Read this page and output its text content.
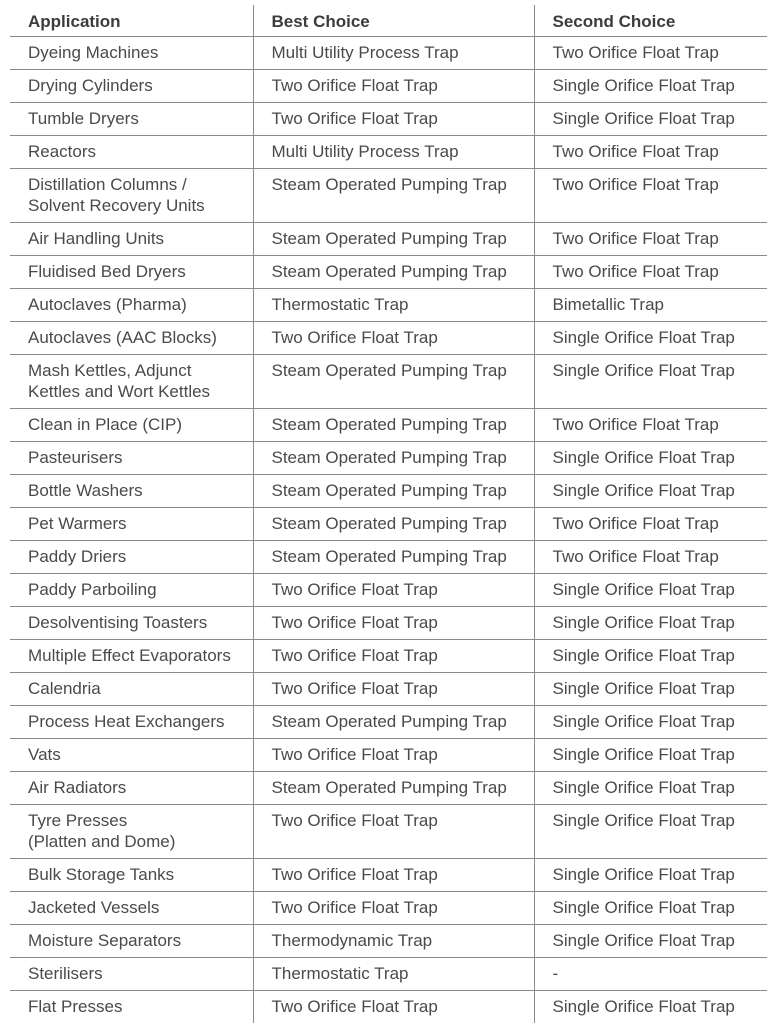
Application	Best Choice	Second Choice
Dyeing Machines	Multi Utility Process Trap	Two Orifice Float Trap
Drying Cylinders	Two Orifice Float Trap	Single Orifice Float Trap
Tumble Dryers	Two Orifice Float Trap	Single Orifice Float Trap
Reactors	Multi Utility Process Trap	Two Orifice Float Trap
Distillation Columns /
Solvent Recovery Units	Steam Operated Pumping Trap	Two Orifice Float Trap
Air Handling Units	Steam Operated Pumping Trap	Two Orifice Float Trap
Fluidised Bed Dryers	Steam Operated Pumping Trap	Two Orifice Float Trap
Autoclaves (Pharma)	Thermostatic Trap	Bimetallic Trap
Autoclaves (AAC Blocks)	Two Orifice Float Trap	Single Orifice Float Trap
Mash Kettles, Adjunct
Kettles and Wort Kettles	Steam Operated Pumping Trap	Single Orifice Float Trap
Clean in Place (CIP)	Steam Operated Pumping Trap	Two Orifice Float Trap
Pasteurisers	Steam Operated Pumping Trap	Single Orifice Float Trap
Bottle Washers	Steam Operated Pumping Trap	Single Orifice Float Trap
Pet Warmers	Steam Operated Pumping Trap	Two Orifice Float Trap
Paddy Driers	Steam Operated Pumping Trap	Two Orifice Float Trap
Paddy Parboiling	Two Orifice Float Trap	Single Orifice Float Trap
Desolventising Toasters	Two Orifice Float Trap	Single Orifice Float Trap
Multiple Effect Evaporators	Two Orifice Float Trap	Single Orifice Float Trap
Calendria	Two Orifice Float Trap	Single Orifice Float Trap
Process Heat Exchangers	Steam Operated Pumping Trap	Single Orifice Float Trap
Vats	Two Orifice Float Trap	Single Orifice Float Trap
Air Radiators	Steam Operated Pumping Trap	Single Orifice Float Trap
Tyre Presses
(Platten and Dome)	Two Orifice Float Trap	Single Orifice Float Trap
Bulk Storage Tanks	Two Orifice Float Trap	Single Orifice Float Trap
Jacketed Vessels	Two Orifice Float Trap	Single Orifice Float Trap
Moisture Separators	Thermodynamic Trap	Single Orifice Float Trap
Sterilisers	Thermostatic Trap	-
Flat Presses	Two Orifice Float Trap	Single Orifice Float Trap
